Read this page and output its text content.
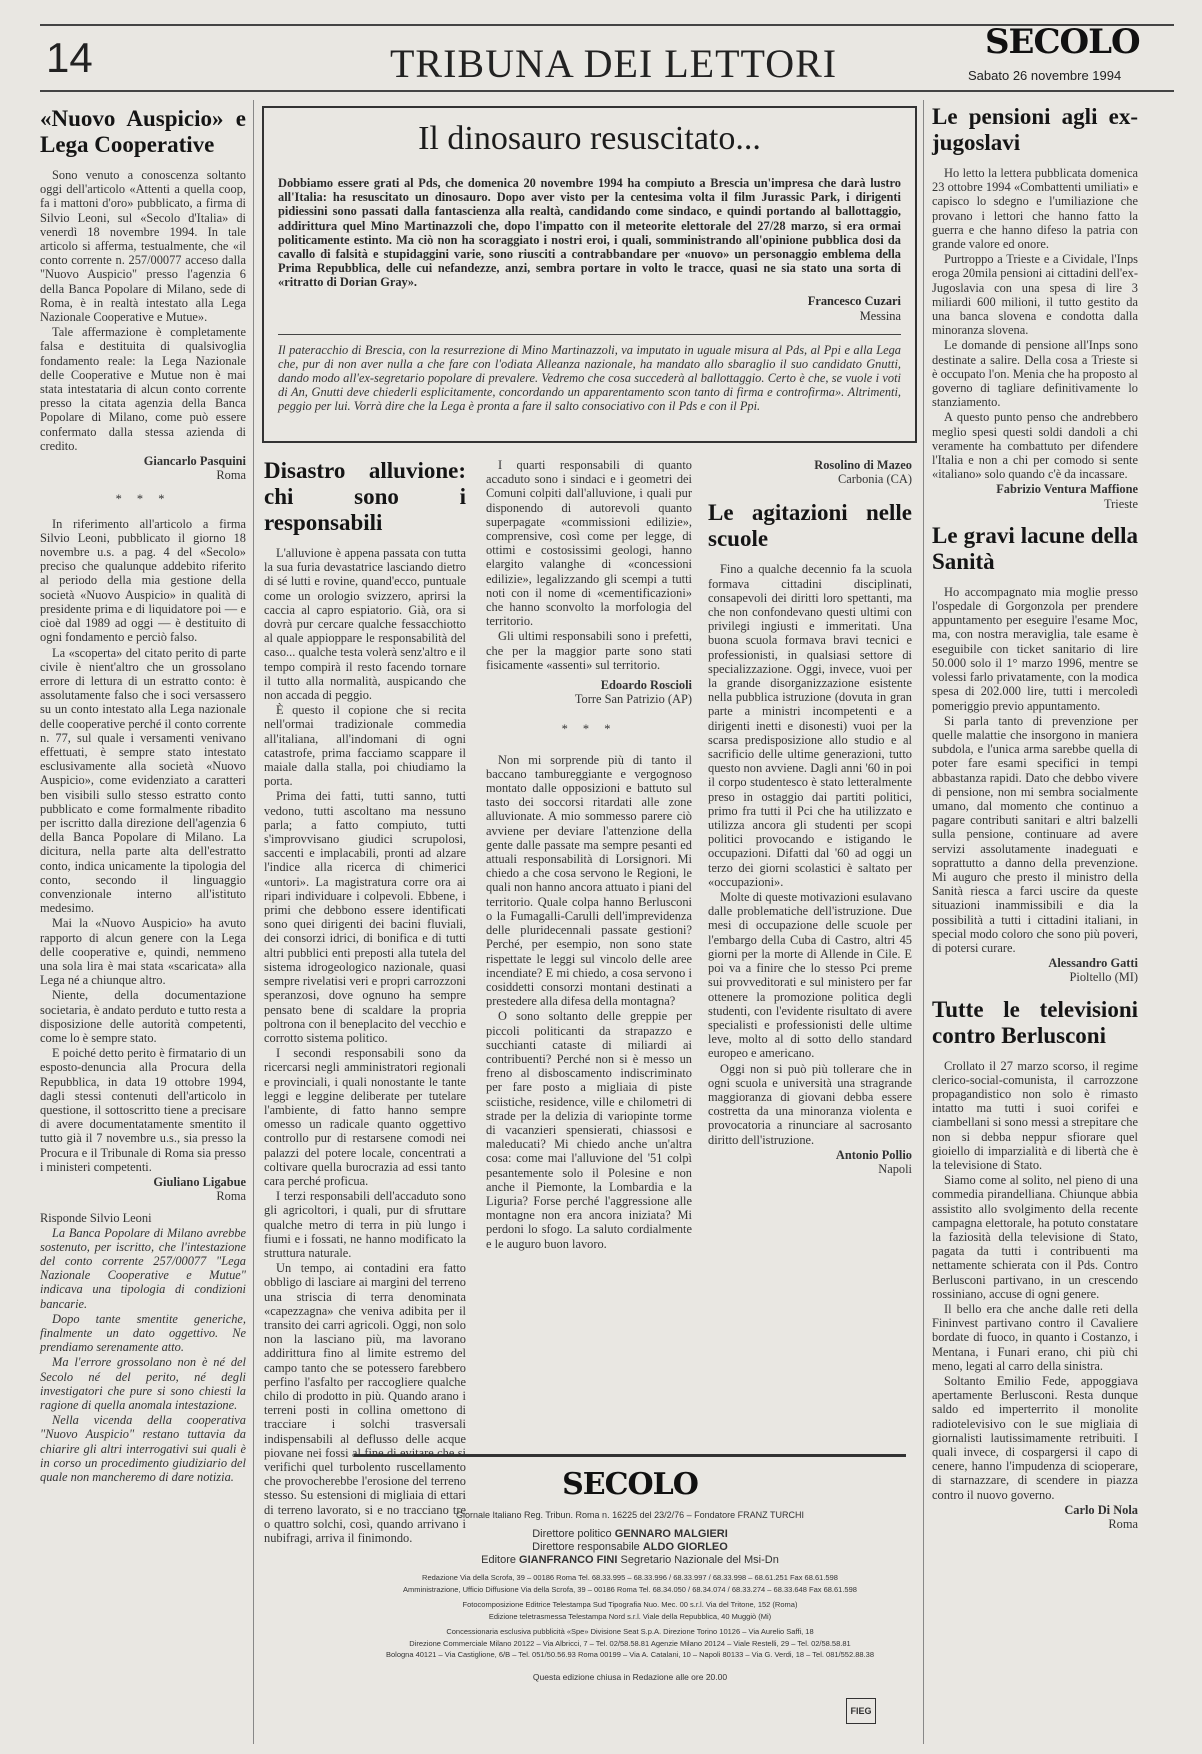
14	TRIBUNA DEI LETTORI	SECOLO
Sabato 26 novembre 1994
«Nuovo Auspicio» e Lega Cooperative

Sono venuto a conoscenza soltanto oggi dell'articolo «Attenti a quella coop, fa i mattoni d'oro» pubblicato, a firma di Silvio Leoni, sul «Secolo d'Italia» di venerdì 18 novembre 1994. In tale articolo si afferma, testualmente, che «il conto corrente n. 257/00077 acceso dalla "Nuovo Auspicio" presso l'agenzia 6 della Banca Popolare di Milano, sede di Roma, è in realtà intestato alla Lega Nazionale Cooperative e Mutue».

Tale affermazione è completamente falsa e destituita di qualsivoglia fondamento reale: la Lega Nazionale delle Cooperative e Mutue non è mai stata intestataria di alcun conto corrente presso la citata agenzia della Banca Popolare di Milano, come può essere confermato dalla stessa azienda di credito.

Giancarlo Pasquini
Roma
* * *

In riferimento all'articolo a firma Silvio Leoni, pubblicato il giorno 18 novembre u.s. a pag. 4 del «Secolo» preciso che qualunque addebito riferito al periodo della mia gestione della società «Nuovo Auspicio» in qualità di presidente prima e di liquidatore poi — e cioè dal 1989 ad oggi — è destituito di ogni fondamento e perciò falso.

La «scoperta» del citato perito di parte civile è nient'altro che un grossolano errore di lettura di un estratto conto: è assolutamente falso che i soci versassero su un conto intestato alla Lega nazionale delle cooperative perché il conto corrente n. 77, sul quale i versamenti venivano effettuati, è sempre stato intestato esclusivamente alla società «Nuovo Auspicio», come evidenziato a caratteri ben visibili sullo stesso estratto conto pubblicato e come formalmente ribadito per iscritto dalla direzione dell'agenzia 6 della Banca Popolare di Milano. La dicitura, nella parte alta dell'estratto conto, indica unicamente la tipologia del conto, secondo il linguaggio convenzionale interno all'istituto medesimo.

Mai la «Nuovo Auspicio» ha avuto rapporto di alcun genere con la Lega delle cooperative e, quindi, nemmeno una sola lira è mai stata «scaricata» alla Lega né a chiunque altro.

Niente, della documentazione societaria, è andato perduto e tutto resta a disposizione delle autorità competenti, come lo è sempre stato.

E poiché detto perito è firmatario di un esposto-denuncia alla Procura della Repubblica, in data 19 ottobre 1994, dagli stessi contenuti dell'articolo in questione, il sottoscritto tiene a precisare di avere documentatamente smentito il tutto già il 7 novembre u.s., sia presso la Procura e il Tribunale di Roma sia presso i ministeri competenti.

Giuliano Ligabue
Roma
Risponde Silvio Leoni

La Banca Popolare di Milano avrebbe sostenuto, per iscritto, che l'intestazione del conto corrente 257/00077 "Lega Nazionale Cooperative e Mutue" indicava una tipologia di condizioni bancarie.

Dopo tante smentite generiche, finalmente un dato oggettivo. Ne prendiamo serenamente atto.

Ma l'errore grossolano non è né del Secolo né del perito, né degli investigatori che pure si sono chiesti la ragione di quella anomala intestazione.

Nella vicenda della cooperativa "Nuovo Auspicio" restano tuttavia da chiarire gli altri interrogativi sui quali è in corso un procedimento giudiziario del quale non mancheremo di dare notizia.

Il dinosauro resuscitato...
Dobbiamo essere grati al Pds, che domenica 20 novembre 1994 ha compiuto a Brescia un'impresa che darà lustro all'Italia: ha resuscitato un dinosauro. Dopo aver visto per la centesima volta il film Jurassic Park, i dirigenti pidiessini sono passati dalla fantascienza alla realtà, candidando come sindaco, e quindi portando al ballottaggio, addirittura quel Mino Martinazzoli che, dopo l'impatto con il meteorite elettorale del 27/28 marzo, si era ormai politicamente estinto. Ma ciò non ha scoraggiato i nostri eroi, i quali, somministrando all'opinione pubblica dosi da cavallo di falsità e stupidaggini varie, sono riusciti a contrabbandare per «nuovo» un personaggio emblema della Prima Repubblica, delle cui nefandezze, anzi, sembra portare in volto le tracce, quasi ne sia stato una sorta di «ritratto di Dorian Gray».
Francesco Cuzari
Messina
Il pateracchio di Brescia, con la resurrezione di Mino Martinazzoli, va imputato in uguale misura al Pds, al Ppi e alla Lega che, pur di non aver nulla a che fare con l'odiata Alleanza nazionale, ha mandato allo sbaraglio il suo candidato Gnutti, dando modo all'ex-segretario popolare di prevalere. Vedremo che cosa succederà al ballottaggio. Certo è che, se vuole i voti di An, Gnutti deve chiederli esplicitamente, concordando un apparentamento scon tanto di firma e controfirma». Altrimenti, peggio per lui. Vorrà dire che la Lega è pronta a fare il salto consociativo con il Pds e con il Ppi.
Disastro alluvione: chi sono i responsabili

L'alluvione è appena passata con tutta la sua furia devastatrice lasciando dietro di sé lutti e rovine, quand'ecco, puntuale come un orologio svizzero, aprirsi la caccia al capro espiatorio. Già, ora si dovrà pur cercare qualche fessacchiotto al quale appioppare le responsabilità del caso... qualche testa volerà senz'altro e il tempo compirà il resto facendo tornare il tutto alla normalità, auspicando che non accada di peggio.

È questo il copione che si recita nell'ormai tradizionale commedia all'italiana, all'indomani di ogni catastrofe, prima facciamo scappare il maiale dalla stalla, poi chiudiamo la porta.

Prima dei fatti, tutti sanno, tutti vedono, tutti ascoltano ma nessuno parla; a fatto compiuto, tutti s'improvvisano giudici scrupolosi, saccenti e implacabili, pronti ad alzare l'indice alla ricerca di chimerici «untori». La magistratura corre ora ai ripari individuare i colpevoli. Ebbene, i primi che debbono essere identificati sono quei dirigenti dei bacini fluviali, dei consorzi idrici, di bonifica e di tutti altri pubblici enti preposti alla tutela del sistema idrogeologico nazionale, quasi sempre rivelatisi veri e propri carrozzoni speranzosi, dove ognuno ha sempre pensato bene di scaldare la propria poltrona con il beneplacito del vecchio e corrotto sistema politico.

I secondi responsabili sono da ricercarsi negli amministratori regionali e provinciali, i quali nonostante le tante leggi e leggine deliberate per tutelare l'ambiente, di fatto hanno sempre omesso un radicale quanto oggettivo controllo pur di restarsene comodi nei palazzi del potere locale, concentrati a coltivare quella burocrazia ad essi tanto cara perché proficua.

I terzi responsabili dell'accaduto sono gli agricoltori, i quali, pur di sfruttare qualche metro di terra in più lungo i fiumi e i fossati, ne hanno modificato la struttura naturale.

Un tempo, ai contadini era fatto obbligo di lasciare ai margini del terreno una striscia di terra denominata «capezzagna» che veniva adibita per il transito dei carri agricoli. Oggi, non solo non la lasciano più, ma lavorano addirittura fino al limite estremo del campo tanto che se potessero farebbero perfino l'asfalto per raccogliere qualche chilo di prodotto in più. Quando arano i terreni posti in collina omettono di tracciare i solchi trasversali indispensabili al deflusso delle acque piovane nei fossi al fine di evitare che si verifichi quel turbolento ruscellamento che provocherebbe l'erosione del terreno stesso. Su estensioni di migliaia di ettari di terreno lavorato, si e no tracciano tre o quattro solchi, così, quando arrivano i nubifragi, arriva il finimondo.

I quarti responsabili di quanto accaduto sono i sindaci e i geometri dei Comuni colpiti dall'alluvione, i quali pur disponendo di autorevoli quanto superpagate «commissioni edilizie», comprensive, così come per legge, di ottimi e costosissimi geologi, hanno elargito valanghe di «concessioni edilizie», legalizzando gli scempi a tutti noti con il nome di «cementificazioni» che hanno sconvolto la morfologia del territorio.

Gli ultimi responsabili sono i prefetti, che per la maggior parte sono stati fisicamente «assenti» sul territorio.

Edoardo Roscioli
Torre San Patrizio (AP)
* * *

Non mi sorprende più di tanto il baccano tambureggiante e vergognoso montato dalle opposizioni e battuto sul tasto dei soccorsi ritardati alle zone alluvionate. A mio sommesso parere ciò avviene per deviare l'attenzione della gente dalle passate ma sempre pesanti ed attuali responsabilità di Lorsignori. Mi chiedo a che cosa servono le Regioni, le quali non hanno ancora attuato i piani del territorio. Quale colpa hanno Berlusconi o la Fumagalli-Carulli dell'imprevidenza delle pluridecennali passate gestioni? Perché, per esempio, non sono state rispettate le leggi sul vincolo delle aree incendiate? E mi chiedo, a cosa servono i cosiddetti consorzi montani destinati a prestedere alla difesa della montagna?

O sono soltanto delle greppie per piccoli politicanti da strapazzo e succhianti cataste di miliardi ai contribuenti? Perché non si è messo un freno al disboscamento indiscriminato per fare posto a migliaia di piste sciistiche, residence, ville e chilometri di strade per la delizia di variopinte torme di vacanzieri spensierati, chiassosi e maleducati? Mi chiedo anche un'altra cosa: come mai l'alluvione del '51 colpì pesantemente solo il Polesine e non anche il Piemonte, la Lombardia e la Liguria? Forse perché l'aggressione alle montagne non era ancora iniziata? Mi perdoni lo sfogo. La saluto cordialmente e le auguro buon lavoro.

Rosolino di Mazeo
Carbonia (CA)
Le agitazioni nelle scuole

Fino a qualche decennio fa la scuola formava cittadini disciplinati, consapevoli dei diritti loro spettanti, ma che non confondevano questi ultimi con privilegi ingiusti e immeritati. Una buona scuola formava bravi tecnici e professionisti, in qualsiasi settore di specializzazione. Oggi, invece, vuoi per la grande disorganizzazione esistente nella pubblica istruzione (dovuta in gran parte a ministri incompetenti e a dirigenti inetti e disonesti) vuoi per la scarsa predisposizione allo studio e al sacrificio delle ultime generazioni, tutto questo non avviene. Dagli anni '60 in poi il corpo studentesco è stato letteralmente preso in ostaggio dai partiti politici, primo fra tutti il Pci che ha utilizzato e utilizza ancora gli studenti per scopi politici provocando e istigando le occupazioni. Difatti dal '60 ad oggi un terzo dei giorni scolastici è saltato per «occupazioni».

Molte di queste motivazioni esulavano dalle problematiche dell'istruzione. Due mesi di occupazione delle scuole per l'embargo della Cuba di Castro, altri 45 giorni per la morte di Allende in Cile. E poi va a finire che lo stesso Pci preme sui provveditorati e sul ministero per far ottenere la promozione politica degli studenti, con l'evidente risultato di avere specialisti e professionisti delle ultime leve, molto al di sotto dello standard europeo e americano.

Oggi non si può più tollerare che in ogni scuola e università una stragrande maggioranza di giovani debba essere costretta da una minoranza violenta e provocatoria a rinunciare al sacrosanto diritto dell'istruzione.

Antonio Pollio
Napoli
Le pensioni agli ex-jugoslavi

Ho letto la lettera pubblicata domenica 23 ottobre 1994 «Combattenti umiliati» e capisco lo sdegno e l'umiliazione che provano i lettori che hanno fatto la guerra e che hanno difeso la patria con grande valore ed onore.

Purtroppo a Trieste e a Cividale, l'Inps eroga 20mila pensioni ai cittadini dell'ex-Jugoslavia con una spesa di lire 3 miliardi 600 milioni, il tutto gestito da una banca slovena e condotta dalla minoranza slovena.

Le domande di pensione all'Inps sono destinate a salire. Della cosa a Trieste si è occupato l'on. Menia che ha proposto al governo di tagliare definitivamente lo stanziamento.

A questo punto penso che andrebbero meglio spesi questi soldi dandoli a chi veramente ha combattuto per difendere l'Italia e non a chi per comodo si sente «italiano» solo quando c'è da incassare.

Fabrizio Ventura Maffione
Trieste
Le gravi lacune della Sanità

Ho accompagnato mia moglie presso l'ospedale di Gorgonzola per prendere appuntamento per eseguire l'esame Moc, ma, con nostra meraviglia, tale esame è eseguibile con ticket sanitario di lire 50.000 solo il 1° marzo 1996, mentre se volessi farlo privatamente, con la modica spesa di 202.000 lire, tutti i mercoledì pomeriggio previo appuntamento.

Si parla tanto di prevenzione per quelle malattie che insorgono in maniera subdola, e l'unica arma sarebbe quella di poter fare esami specifici in tempi abbastanza rapidi. Dato che debbo vivere di pensione, non mi sembra socialmente umano, dal momento che continuo a pagare contributi sanitari e altri balzelli sulla pensione, continuare ad avere servizi assolutamente inadeguati e soprattutto a danno della prevenzione. Mi auguro che presto il ministro della Sanità riesca a farci uscire da queste situazioni inammissibili e dia la possibilità a tutti i cittadini italiani, in special modo coloro che sono più poveri, di potersi curare.

Alessandro Gatti
Pioltello (MI)
Tutte le televisioni contro Berlusconi

Crollato il 27 marzo scorso, il regime clerico-social-comunista, il carrozzone propagandistico non solo è rimasto intatto ma tutti i suoi corifei e ciambellani si sono messi a strepitare che non si debba neppur sfiorare quel gioiello di imparzialità e di libertà che è la televisione di Stato.

Siamo come al solito, nel pieno di una commedia pirandelliana. Chiunque abbia assistito allo svolgimento della recente campagna elettorale, ha potuto constatare la faziosità della televisione di Stato, pagata da tutti i contribuenti ma nettamente schierata con il Pds. Contro Berlusconi partivano, in un crescendo rossiniano, accuse di ogni genere.

Il bello era che anche dalle reti della Fininvest partivano contro il Cavaliere bordate di fuoco, in quanto i Costanzo, i Mentana, i Funari erano, chi più chi meno, legati al carro della sinistra.

Soltanto Emilio Fede, appoggiava apertamente Berlusconi. Resta dunque saldo ed imperterrito il monolite radiotelevisivo con le sue migliaia di giornalisti lautissimamente retribuiti. I quali invece, di cospargersi il capo di cenere, hanno l'impudenza di scioperare, di starnazzare, di scendere in piazza contro il nuovo governo.

Carlo Di Nola
Roma
SECOLO
Giornale Italiano Reg. Tribun. Roma n. 16225 del 23/2/76 – Fondatore FRANZ TURCHI
Direttore politico GENNARO MALGIERI
Direttore responsabile ALDO GIORLEO
Editore GIANFRANCO FINI Segretario Nazionale del Msi-Dn
Redazione Via della Scrofa, 39 – 00186 Roma Tel. 68.33.995 – 68.33.996 / 68.33.997 / 68.33.998 – 68.61.251 Fax 68.61.598
Amministrazione, Ufficio Diffusione Via della Scrofa, 39 – 00186 Roma Tel. 68.34.050 / 68.34.074 / 68.33.274 – 68.33.648 Fax 68.61.598
Fotocomposizione Editrice Telestampa Sud Tipografia Nuo. Mec. 00 s.r.l. Via del Tritone, 152 (Roma)
Edizione teletrasmessa Telestampa Nord s.r.l. Viale della Repubblica, 40 Muggiò (Mi)
Concessionaria esclusiva pubblicità «Spe» Divisione Seat S.p.A. Direzione Torino 10126 – Via Aurelio Saffi, 18
Direzione Commerciale Milano 20122 – Via Albricci, 7 – Tel. 02/58.58.81 Agenzie Milano 20124 – Viale Restelli, 29 – Tel. 02/58.58.81
Bologna 40121 – Via Castiglione, 6/B – Tel. 051/50.56.93 Roma 00199 – Via A. Catalani, 10 – Napoli 80133 – Via G. Verdi, 18 – Tel. 081/552.88.38
Questa edizione chiusa in Redazione alle ore 20.00
FIEG
